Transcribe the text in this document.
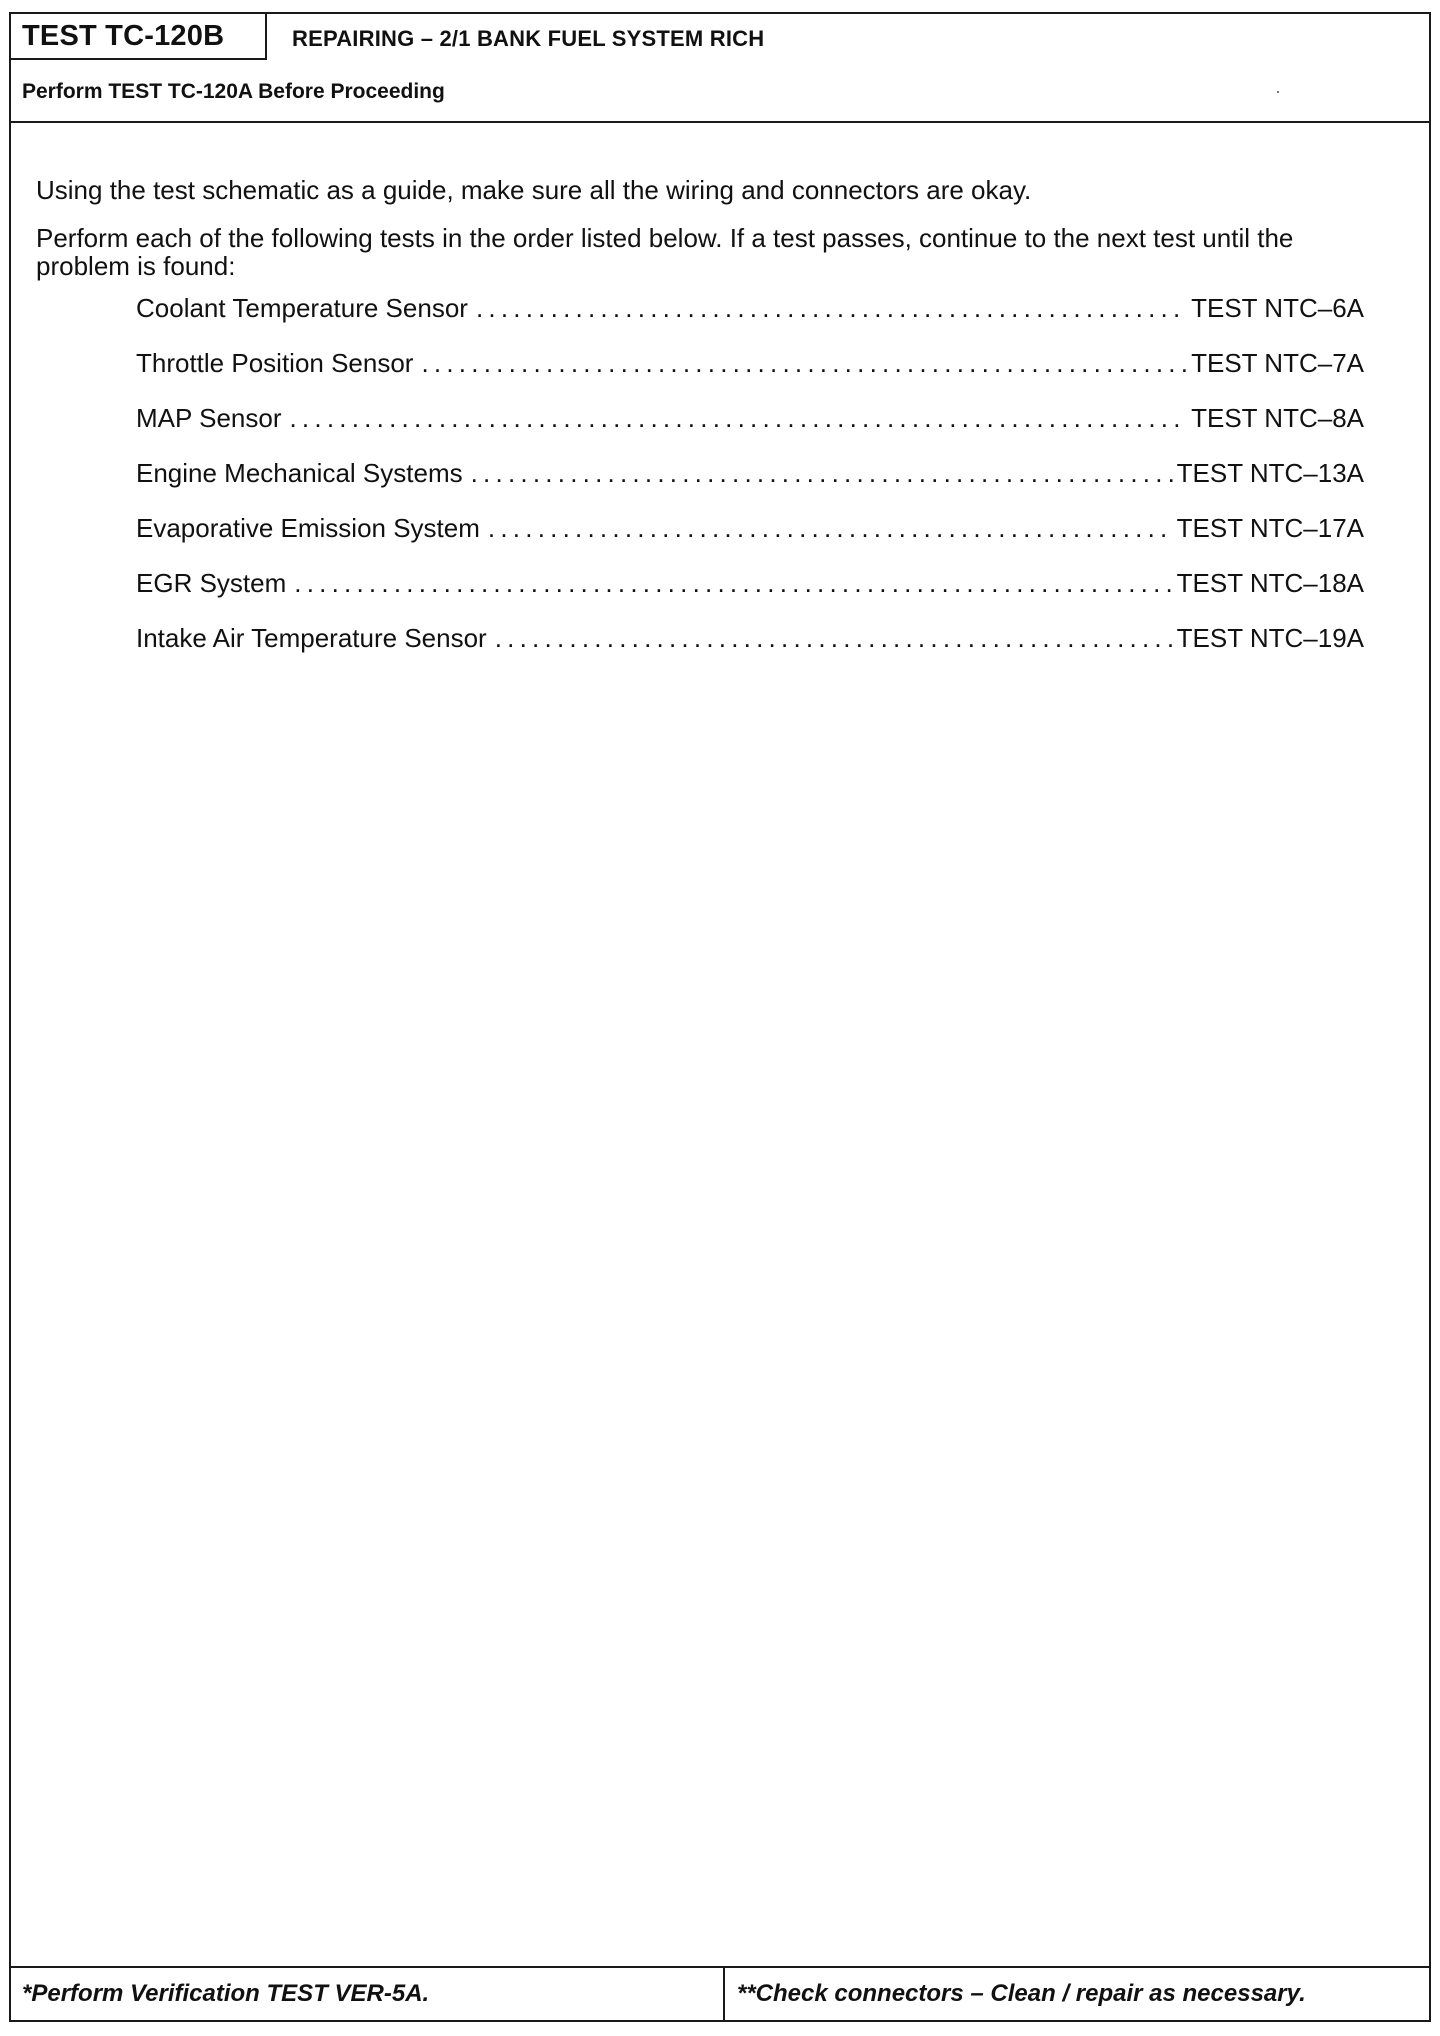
TEST TC-120B	REPAIRING – 2/1 BANK FUEL SYSTEM RICH
Perform TEST TC-120A Before Proceeding

Using the test schematic as a guide, make sure all the wiring and connectors are okay.

Perform each of the following tests in the order listed below. If a test passes, continue to the next test until the problem is found:

Coolant Temperature Sensor . . .	TEST NTC–6A
Throttle Position Sensor . . .	TEST NTC–7A
MAP Sensor . . .	TEST NTC–8A
Engine Mechanical Systems . . .	TEST NTC–13A
Evaporative Emission System . . .	TEST NTC–17A
EGR System . . .	TEST NTC–18A
Intake Air Temperature Sensor . . .	TEST NTC–19A
*Perform Verification TEST VER-5A.	**Check connectors – Clean / repair as necessary.
